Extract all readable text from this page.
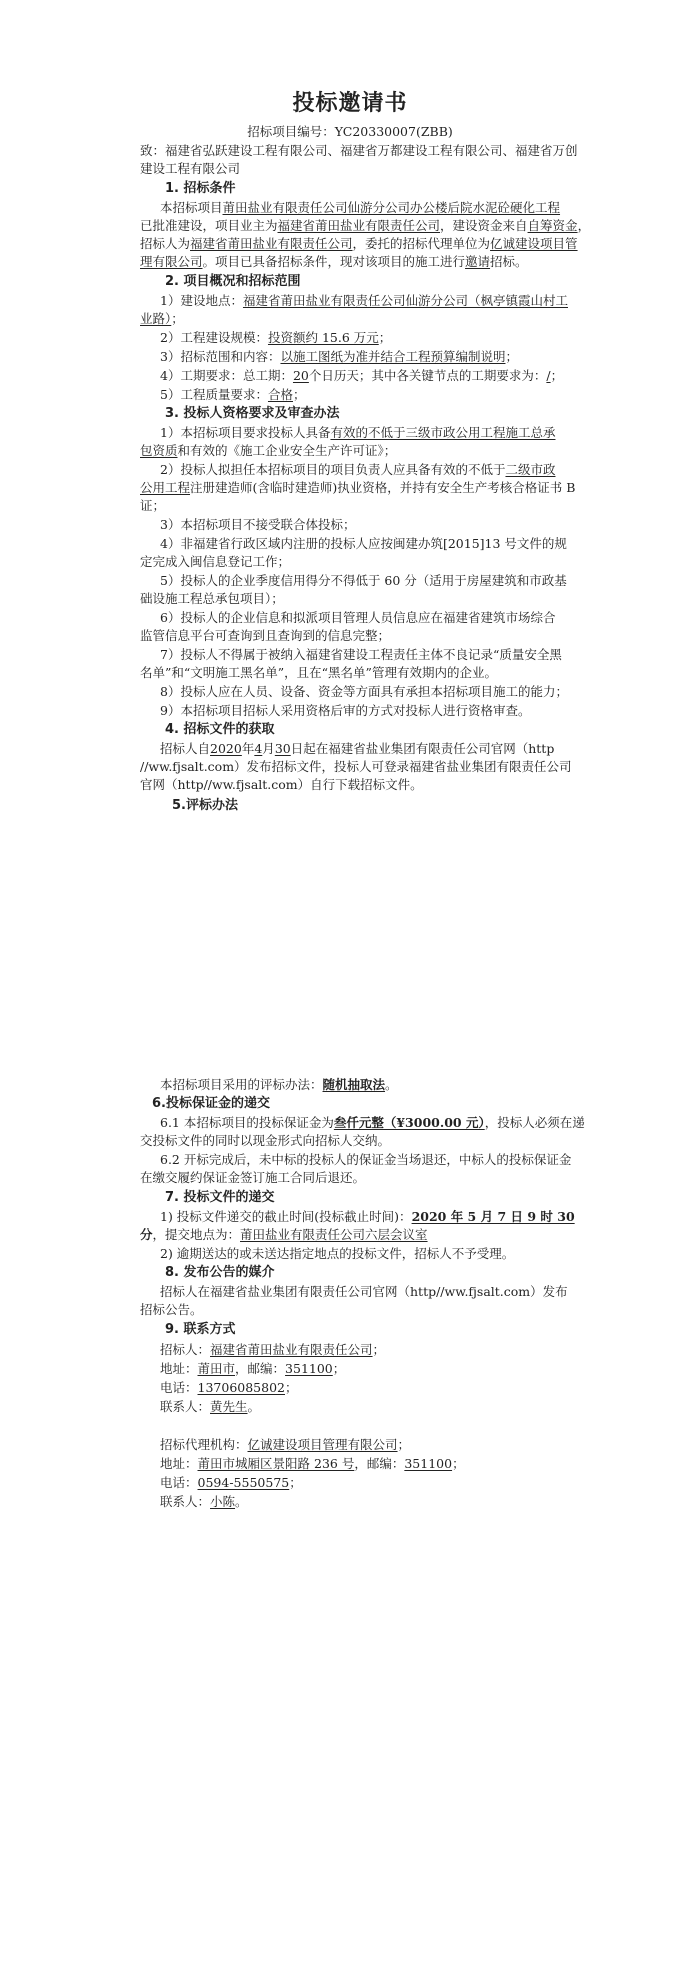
投标邀请书
招标项目编号：YC20330007(ZBB)
致：福建省弘跃建设工程有限公司、福建省万都建设工程有限公司、福建省万创
建设工程有限公司
1. 招标条件
本招标项目莆田盐业有限责任公司仙游分公司办公楼后院水泥砼硬化工程
已批准建设，项目业主为福建省莆田盐业有限责任公司，建设资金来自自筹资金，
招标人为福建省莆田盐业有限责任公司，委托的招标代理单位为亿诚建设项目管
理有限公司。项目已具备招标条件，现对该项目的施工进行邀请招标。
2. 项目概况和招标范围
1）建设地点：福建省莆田盐业有限责任公司仙游分公司（枫亭镇霞山村工
业路）；
2）工程建设规模：投资额约 15.6 万元；
3）招标范围和内容：以施工图纸为准并结合工程预算编制说明；
4）工期要求：总工期：20个日历天；其中各关键节点的工期要求为：/；
5）工程质量要求：合格；
3. 投标人资格要求及审查办法
1）本招标项目要求投标人具备有效的不低于三级市政公用工程施工总承
包资质和有效的《施工企业安全生产许可证》；
2）投标人拟担任本招标项目的项目负责人应具备有效的不低于二级市政
公用工程注册建造师(含临时建造师)执业资格，并持有安全生产考核合格证书 B
证；
3）本招标项目不接受联合体投标；
4）非福建省行政区域内注册的投标人应按闽建办筑[2015]13 号文件的规
定完成入闽信息登记工作；
5）投标人的企业季度信用得分不得低于 60 分（适用于房屋建筑和市政基
础设施工程总承包项目）；
6）投标人的企业信息和拟派项目管理人员信息应在福建省建筑市场综合
监管信息平台可查询到且查询到的信息完整；
7）投标人不得属于被纳入福建省建设工程责任主体不良记录“质量安全黑
名单”和“文明施工黑名单”，且在“黑名单”管理有效期内的企业。
8）投标人应在人员、设备、资金等方面具有承担本招标项目施工的能力；
9）本招标项目招标人采用资格后审的方式对投标人进行资格审查。
4. 招标文件的获取
招标人自2020年4月30日起在福建省盐业集团有限责任公司官网（http
//ww.fjsalt.com）发布招标文件，投标人可登录福建省盐业集团有限责任公司
官网（http//ww.fjsalt.com）自行下载招标文件。
5.评标办法
本招标项目采用的评标办法：随机抽取法。
6.投标保证金的递交
6.1 本招标项目的投标保证金为叁仟元整（¥3000.00 元），投标人必须在递
交投标文件的同时以现金形式向招标人交纳。
6.2 开标完成后，未中标的投标人的保证金当场退还，中标人的投标保证金
在缴交履约保证金签订施工合同后退还。
7. 投标文件的递交
1) 投标文件递交的截止时间(投标截止时间)：2020 年 5 月 7 日 9 时 30
分，提交地点为：莆田盐业有限责任公司六层会议室
2) 逾期送达的或未送达指定地点的投标文件，招标人不予受理。
8. 发布公告的媒介
招标人在福建省盐业集团有限责任公司官网（http//ww.fjsalt.com）发布
招标公告。
9. 联系方式
招标人：福建省莆田盐业有限责任公司；
地址：莆田市，邮编：351100；
电话：13706085802；
联系人：黄先生。
招标代理机构：亿诚建设项目管理有限公司；
地址：莆田市城厢区景阳路 236 号，邮编：351100；
电话：0594-5550575；
联系人：小陈。
